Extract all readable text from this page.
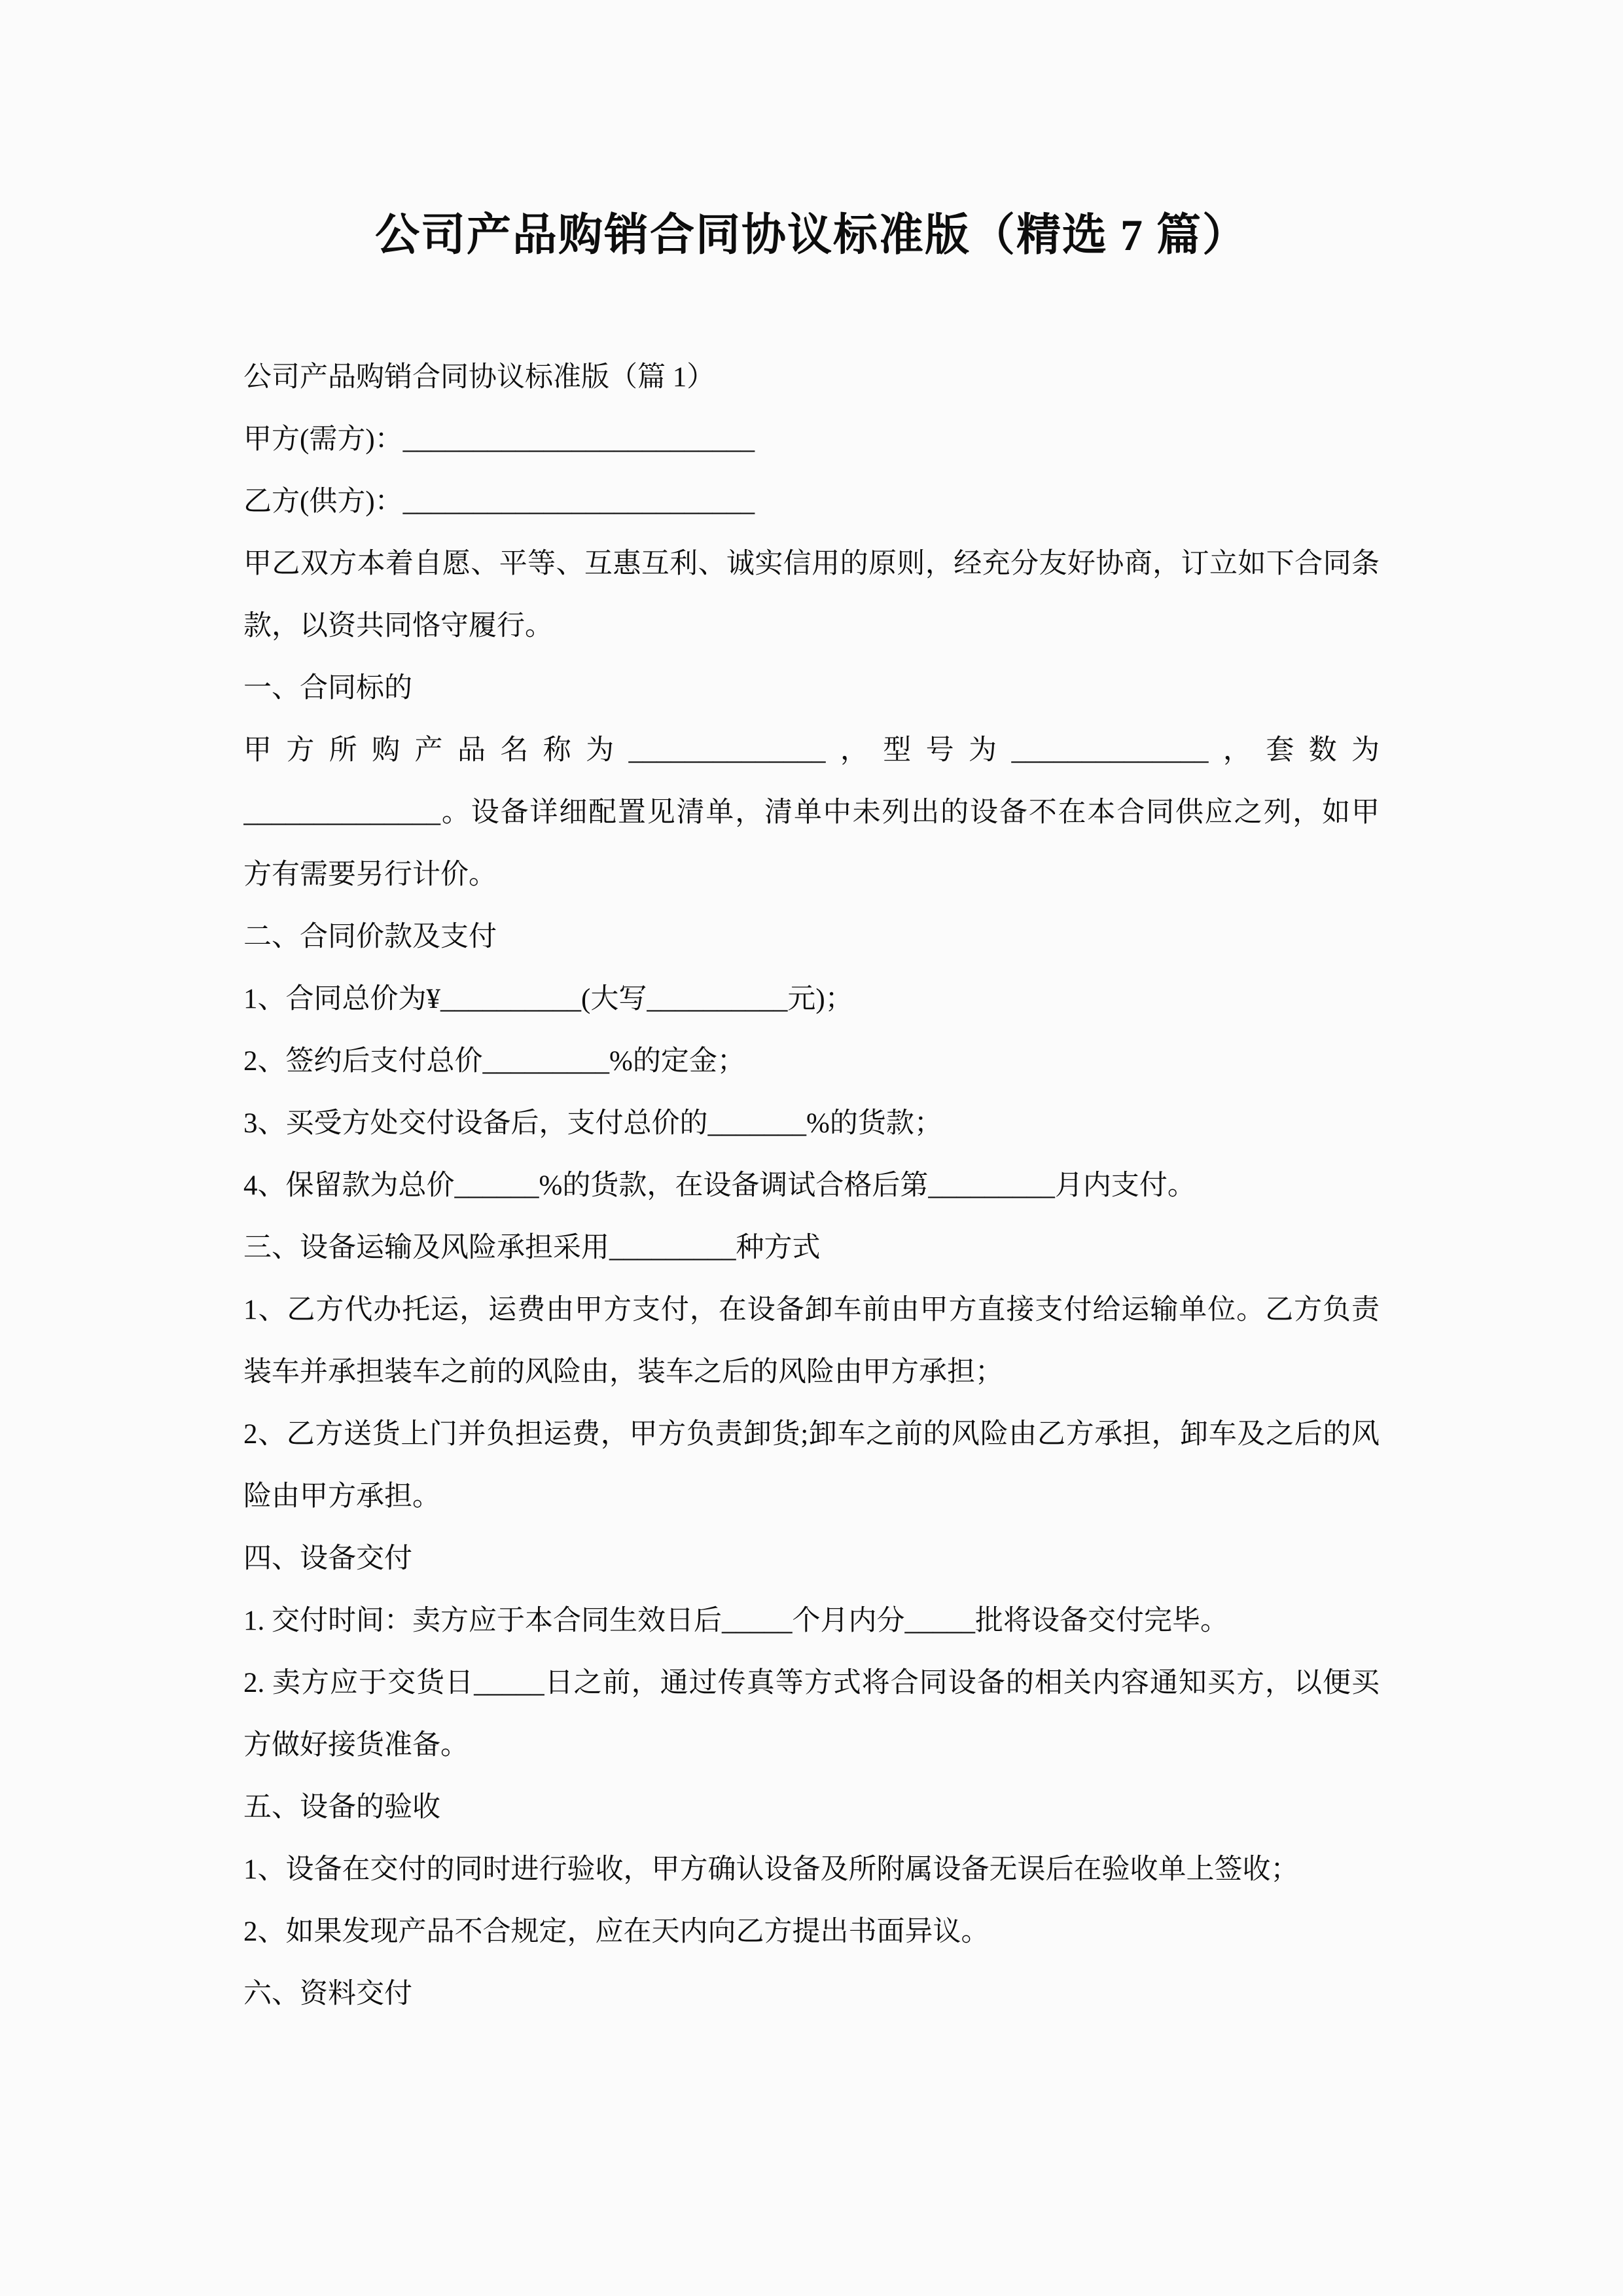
公司产品购销合同协议标准版（精选 7 篇）
公司产品购销合同协议标准版（篇 1）
甲方(需方)：_________________________
乙方(供方)：_________________________
甲乙双方本着自愿、平等、互惠互利、诚实信用的原则，经充分友好协商，订立如下合同条
款，以资共同恪守履行。
一、合同标的
甲方所购产品名称为______________，型号为______________，套数为
______________。设备详细配置见清单，清单中未列出的设备不在本合同供应之列，如甲
方有需要另行计价。
二、合同价款及支付
1、合同总价为¥__________(大写__________元)；
2、签约后支付总价_________%的定金；
3、买受方处交付设备后，支付总价的_______%的货款；
4、保留款为总价______%的货款，在设备调试合格后第_________月内支付。
三、设备运输及风险承担采用_________种方式
1、乙方代办托运，运费由甲方支付，在设备卸车前由甲方直接支付给运输单位。乙方负责
装车并承担装车之前的风险由，装车之后的风险由甲方承担；
2、乙方送货上门并负担运费，甲方负责卸货;卸车之前的风险由乙方承担，卸车及之后的风
险由甲方承担。
四、设备交付
1. 交付时间：卖方应于本合同生效日后_____个月内分_____批将设备交付完毕。
2. 卖方应于交货日_____日之前，通过传真等方式将合同设备的相关内容通知买方，以便买
方做好接货准备。
五、设备的验收
1、设备在交付的同时进行验收，甲方确认设备及所附属设备无误后在验收单上签收；
2、如果发现产品不合规定，应在天内向乙方提出书面异议。
六、资料交付
